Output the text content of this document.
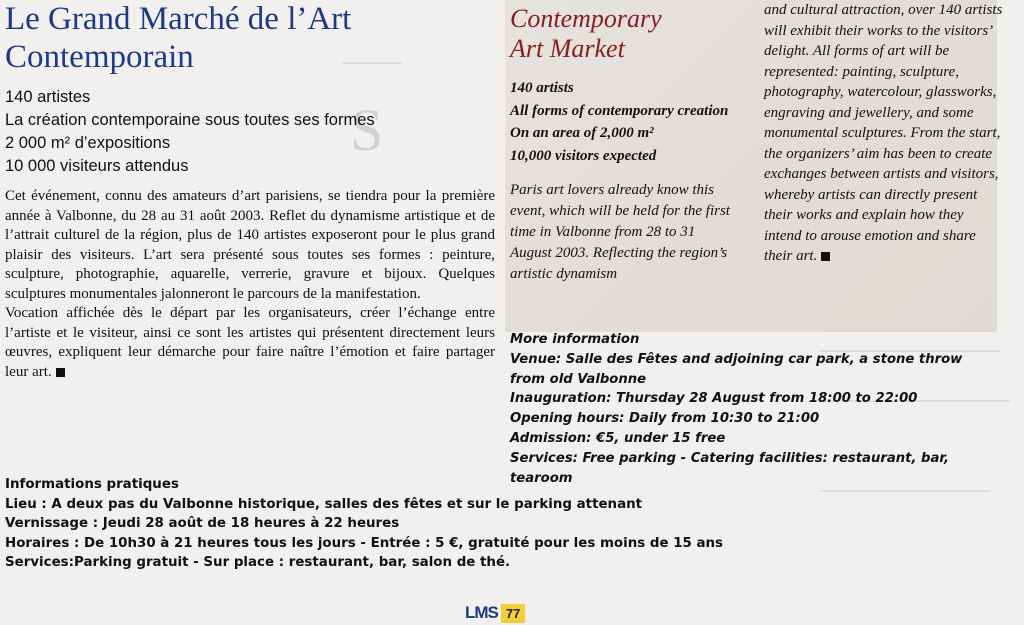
S
Le Grand Marché de l’Art
Contemporain
140 artistes
La création contemporaine sous toutes ses formes
2 000 m² d’expositions
10 000 visiteurs attendus

Cet événement, connu des amateurs d’art parisiens, se tiendra pour la première année à Valbonne, du 28 au 31 août 2003. Reflet du dynamisme artistique et de l’attrait culturel de la région, plus de 140 artistes exposeront pour le plus grand plaisir des visiteurs. L’art sera présenté sous toutes ses formes : peinture, sculpture, photographie, aquarelle, verrerie, gravure et bijoux. Quelques sculptures monumentales jalonneront le parcours de la manifestation.

Vocation affichée dès le départ par les organisateurs, créer l’échange entre l’artiste et le visiteur, ainsi ce sont les artistes qui présentent directement leurs œuvres, expliquent leur démarche pour faire naître l’émotion et faire partager leur art.

Contemporary
Art Market
140 artists
All forms of contemporary creation
On an area of 2,000 m²
10,000 visitors expected
Paris art lovers already know this event, which will be held for the first time in Valbonne from 28 to 31 August 2003. Reflecting the region’s artistic dynamism
and cultural attraction, over 140 artists will exhibit their works to the visitors’ delight. All forms of art will be represented: painting, sculpture, photography, watercolour, glassworks, engraving and jewellery, and some monumental sculptures. From the start, the organizers’ aim has been to create exchanges between artists and visitors, whereby artists can directly present their works and explain how they intend to arouse emotion and share their art.
More information
Venue: Salle des Fêtes and adjoining car park, a stone throw from old Valbonne
Inauguration: Thursday 28 August from 18:00 to 22:00
Opening hours: Daily from 10:30 to 21:00
Admission: €5, under 15 free
Services: Free parking - Catering facilities: restaurant, bar, tearoom
Informations pratiques
Lieu : A deux pas du Valbonne historique, salles des fêtes et sur le parking attenant
Vernissage : Jeudi 28 août de 18 heures à 22 heures
Horaires : De 10h30 à 21 heures tous les jours - Entrée : 5 €, gratuité pour les moins de 15 ans
Services:Parking gratuit - Sur place : restaurant, bar, salon de thé.
LMS 77
